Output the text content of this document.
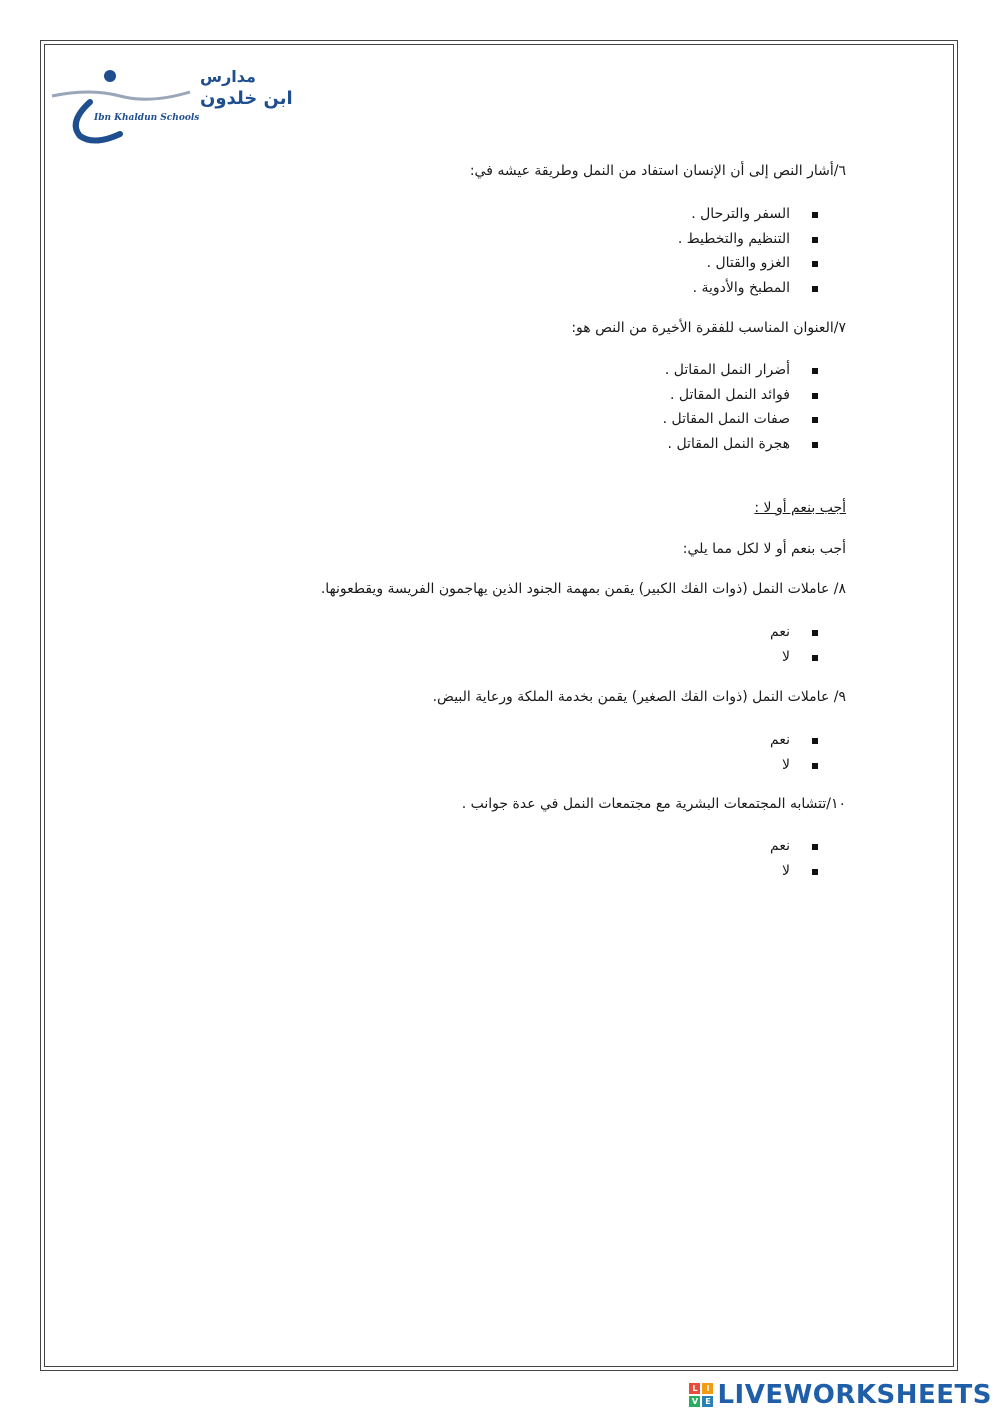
مدارس
ابن خلدون
Ibn Khaldun Schools
٦/أشار النص إلى أن الإنسان استفاد من النمل وطريقة عيشه في:
السفر والترحال .
التنظيم والتخطيط .
الغزو والقتال .
المطبخ والأدوية .
٧/العنوان المناسب للفقرة الأخيرة من النص هو:
أضرار النمل المقاتل .
فوائد النمل المقاتل .
صفات النمل المقاتل .
هجرة النمل المقاتل .
أجب بنعم أو لا :
أجب بنعم أو لا لكل مما يلي:
٨/ عاملات النمل (ذوات الفك الكبير) يقمن بمهمة الجنود الذين يهاجمون الفريسة ويقطعونها.
نعم
لا
٩/ عاملات النمل (ذوات الفك الصغير) يقمن بخدمة الملكة ورعاية البيض.
نعم
لا
١٠/تتشابه المجتمعات البشرية مع مجتمعات النمل في عدة جوانب .
نعم
لا
L	I
V E LIVEWORKSHEETS
